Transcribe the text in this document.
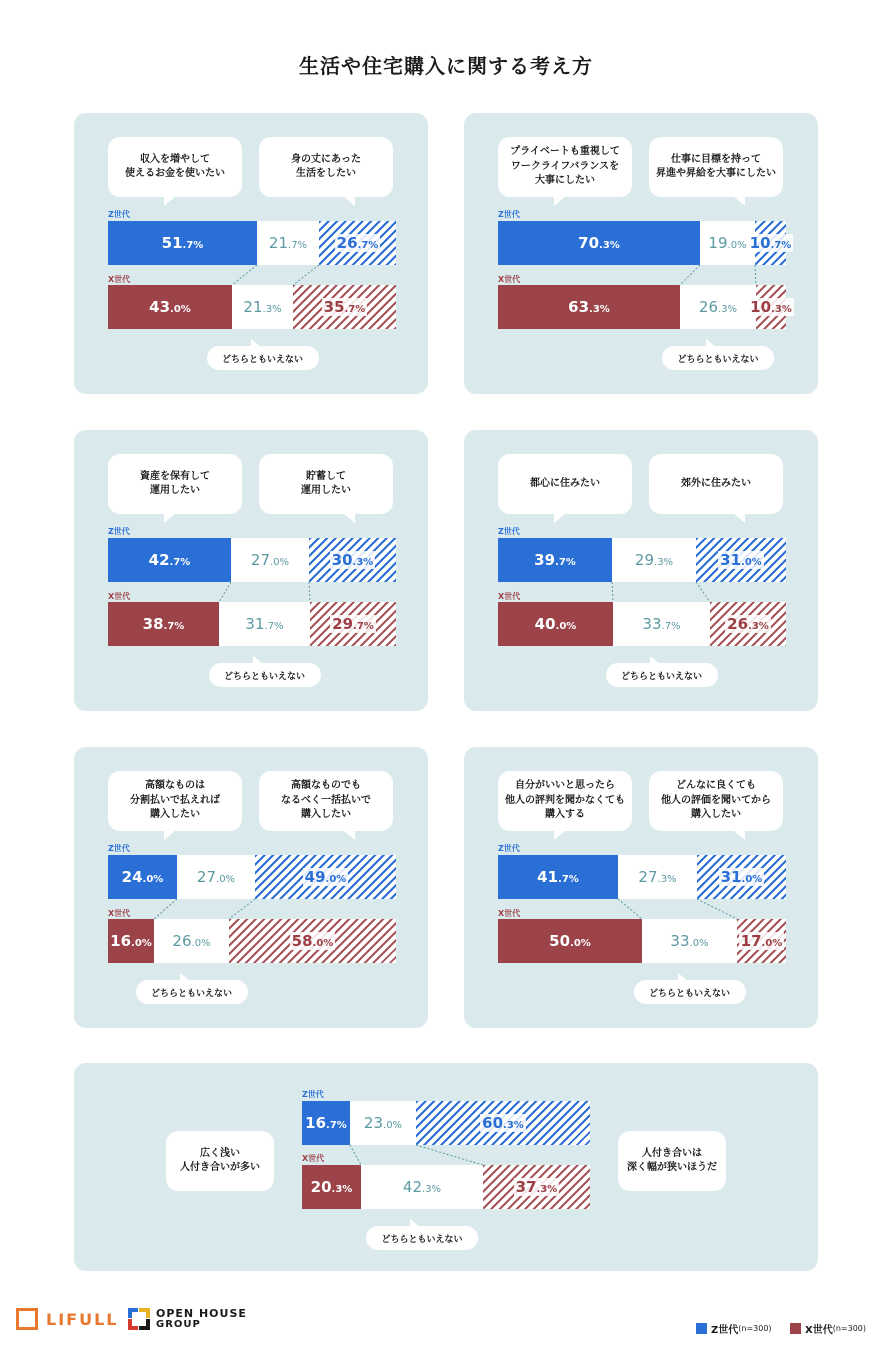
生活や住宅購入に関する考え方
収入を増やして
使えるお金を使いたい
身の丈にあった
生活をしたい
Z世代
X世代
51.7%	21.7% 26.7%
43.0%	21.3%	35.7%
どちらともいえない
プライベートも重視して
ワークライフバランスを
大事にしたい
仕事に目標を持って
昇進や昇給を大事にしたい
Z世代
X世代
70.3%	19.0% 10.7%
63.3%	26.3% 10.3%
どちらともいえない
資産を保有して
運用したい
貯蓄して
運用したい
Z世代
X世代
42.7%	27.0%	30.3%
38.7%	31.7%	29.7%
どちらともいえない
都心に住みたい	郊外に住みたい
Z世代
X世代
39.7%	29.3%	31.0%
40.0%	33.7%	26.3%
どちらともいえない
高額なものは
分割払いで払えれば
購入したい
高額なものでも
なるべく一括払いで
購入したい
Z世代
X世代
24.0% 27.0%	49.0%
16.0% 26.0%	58.0%
どちらともいえない
自分がいいと思ったら
他人の評判を聞かなくても
購入する
どんなに良くても
他人の評価を聞いてから
購入したい
Z世代
X世代
41.7%	27.3%	31.0%
50.0%	33.0% 17.0%
どちらともいえない
広く浅い
人付き合いが多い
人付き合いは
深く幅が狭いほうだ
Z世代
X世代
16.7% 23.0%	60.3%
20.3%	42.3%	37.3%
どちらともいえない
LIFULL	OPEN HOUSE
GROUP
Z世代 (n=300)	X世代 (n=300)
